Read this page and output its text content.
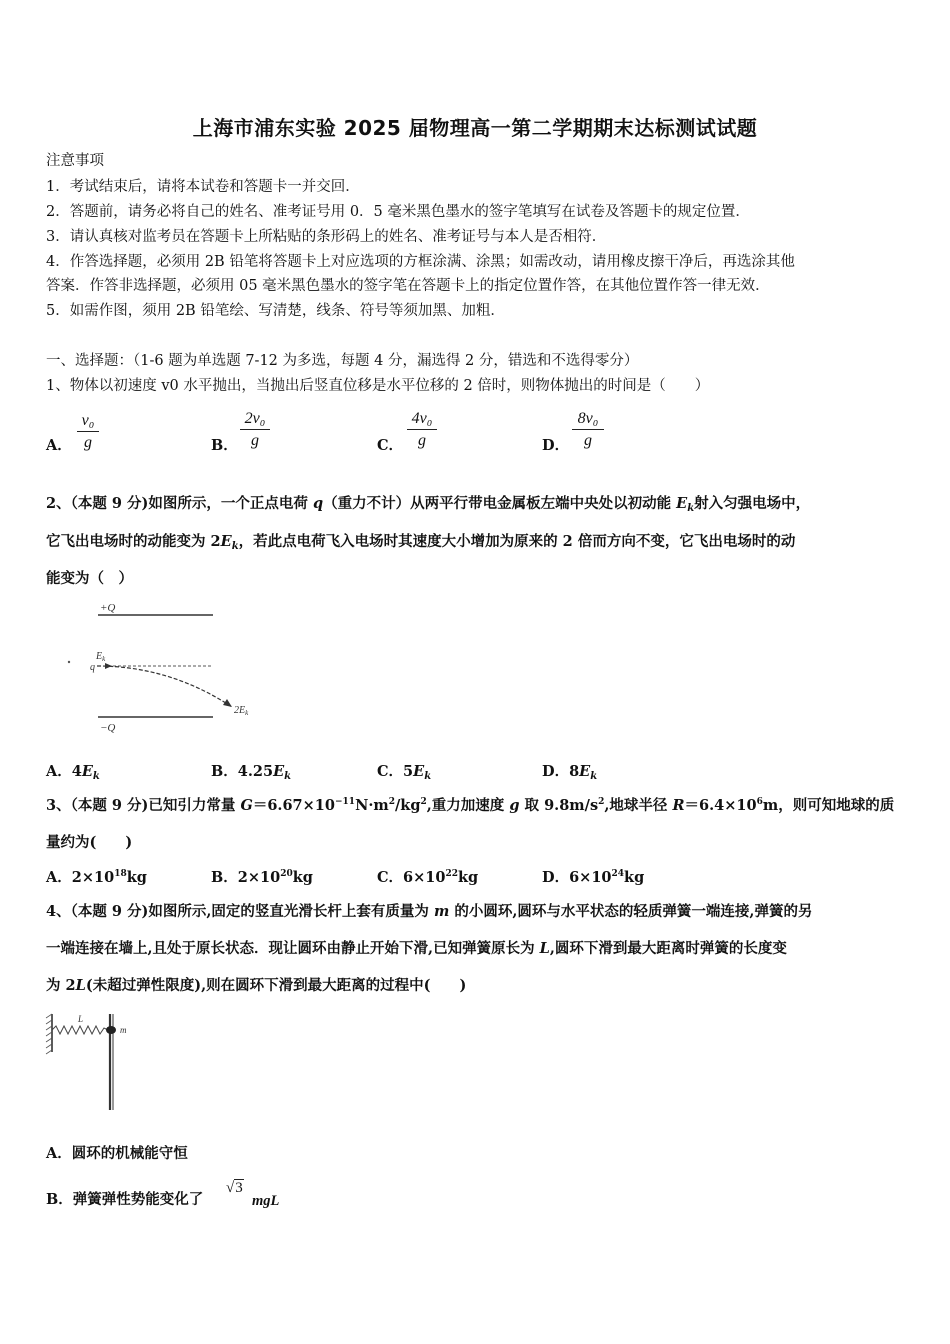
上海市浦东实验 2025 届物理高一第二学期期末达标测试试题
注意事项
1．考试结束后，请将本试卷和答题卡一并交回．
2．答题前，请务必将自己的姓名、准考证号用 0．5 毫米黑色墨水的签字笔填写在试卷及答题卡的规定位置．
3．请认真核对监考员在答题卡上所粘贴的条形码上的姓名、准考证号与本人是否相符．
4．作答选择题，必须用 2B 铅笔将答题卡上对应选项的方框涂满、涂黑；如需改动，请用橡皮擦干净后，再选涂其他
答案．作答非选择题，必须用 05 毫米黑色墨水的签字笔在答题卡上的指定位置作答，在其他位置作答一律无效．
5．如需作图，须用 2B 铅笔绘、写清楚，线条、符号等须加黑、加粗．
一、选择题：（1-6 题为单选题 7-12 为多选，每题 4 分，漏选得 2 分，错选和不选得零分）
1、物体以初速度 v0 水平抛出，当抛出后竖直位移是水平位移的 2 倍时，则物体抛出的时间是（　　）
A．
v₀
g	B．
2v₀
g	C．
4v₀
g	D．
8v₀
g
2、（本题 9 分)如图所示，一个正点电荷 q（重力不计）从两平行带电金属板左端中央处以初动能 $E_k$射入匀强电场中，
它飞出电场时的动能变为 $2E_k$，若此点电荷飞入电场时其速度大小增加为原来的 2 倍而方向不变，它飞出电场时的动
能变为（　）
+Q
−Q
$E_k$
q
$2E_k$
A．$4E_k$	B．$4.25E_k$	C．$5E_k$	D．$8E_k$
3、（本题 9 分)已知引力常量 $G=6.67\times 10^{-11}N\cdot m^2/kg^2$,重力加速度 g 取 $9.8m/s^2$,地球半径 $R=6.4\times 10^6m$，则可知地球的质
量约为(　　)
A．$2\times 10^{18}kg$	B．$2\times 10^{20}kg$	C．$6\times 10^{22}kg$	D．$6\times 10^{24}kg$
4、（本题 9 分)如图所示,固定的竖直光滑长杆上套有质量为 m 的小圆环,圆环与水平状态的轻质弹簧一端连接,弹簧的另
一端连接在墙上,且处于原长状态．现让圆环由静止开始下滑,已知弹簧原长为 L,圆环下滑到最大距离时弹簧的长度变
为 2L(未超过弹性限度),则在圆环下滑到最大距离的过程中(　　)
L
m
A．圆环的机械能守恒
B．弹簧弹性势能变化了
√3
mgL
